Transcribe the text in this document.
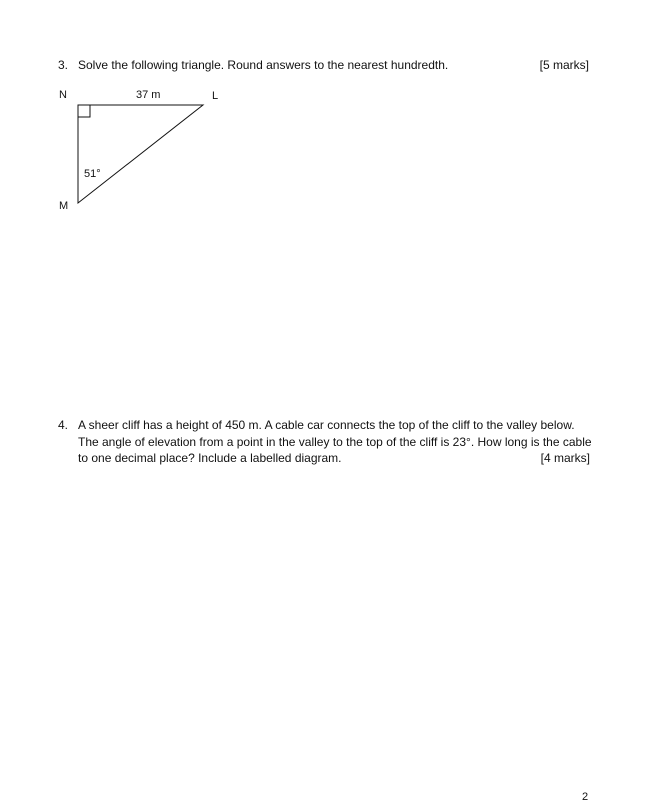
3. Solve the following triangle. Round answers to the nearest hundredth.	[5 marks]
N	37 m	L
51°
M
4. A sheer cliff has a height of 450 m. A cable car connects the top of the cliff to the valley below.
The angle of elevation from a point in the valley to the top of the cliff is 23°. How long is the cable
to one decimal place? Include a labelled diagram.	[4 marks]
2
